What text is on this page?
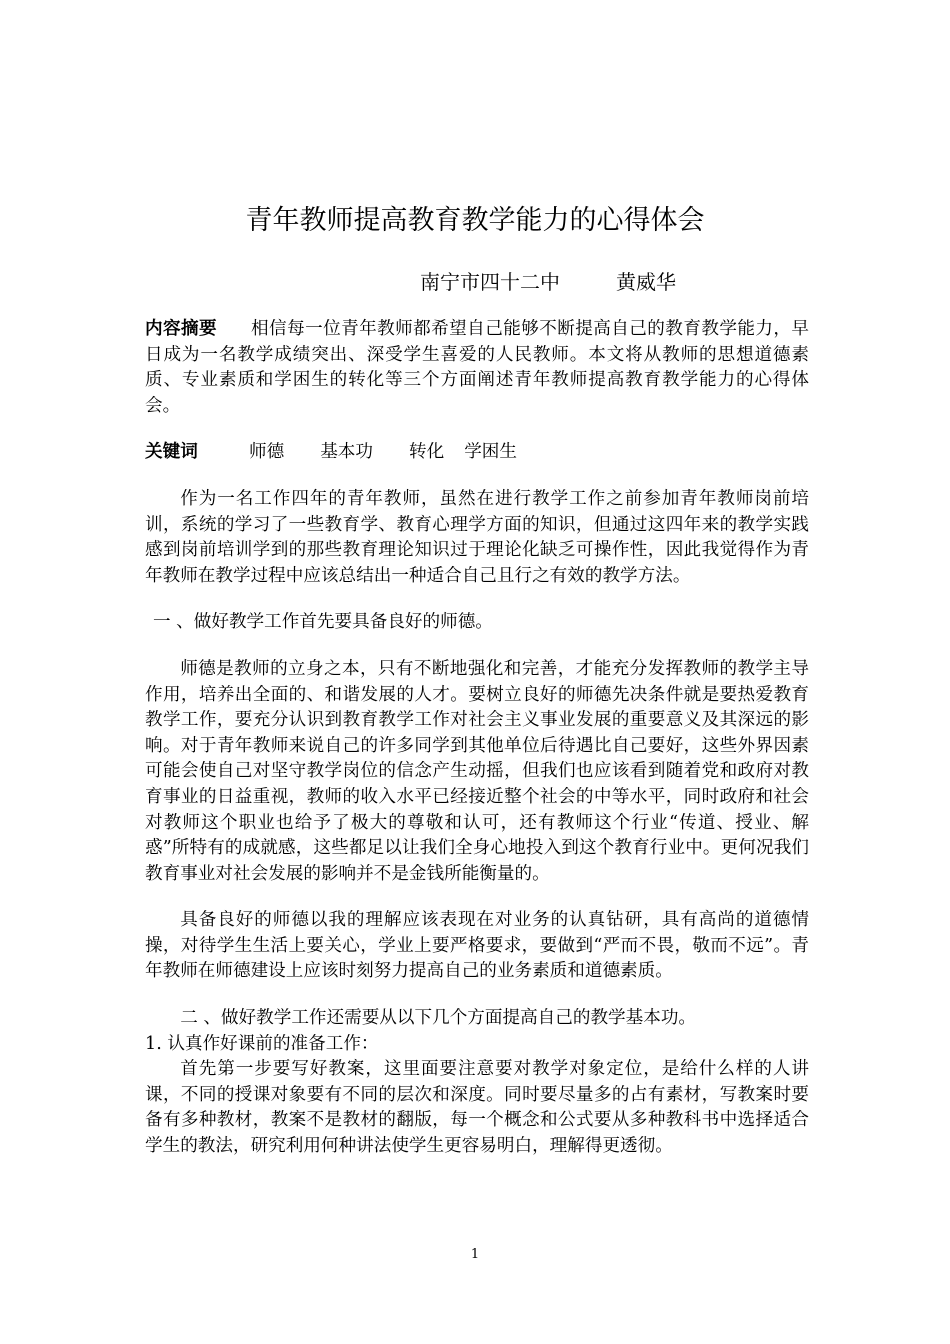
青年教师提高教育教学能力的心得体会
南宁市四十二中	黄威华

内容摘要 相信每一位青年教师都希望自己能够不断提高自己的教育教学能力，早日成为一名教学成绩突出、深受学生喜爱的人民教师。本文将从教师的思想道德素质、专业素质和学困生的转化等三个方面阐述青年教师提高教育教学能力的心得体会。

关键词	师德 基本功 转化 学困生

作为一名工作四年的青年教师，虽然在进行教学工作之前参加青年教师岗前培训，系统的学习了一些教育学、教育心理学方面的知识，但通过这四年来的教学实践感到岗前培训学到的那些教育理论知识过于理论化缺乏可操作性，因此我觉得作为青年教师在教学过程中应该总结出一种适合自己且行之有效的教学方法。

一 、做好教学工作首先要具备良好的师德。

师德是教师的立身之本，只有不断地强化和完善，才能充分发挥教师的教学主导作用，培养出全面的、和谐发展的人才。要树立良好的师德先决条件就是要热爱教育教学工作，要充分认识到教育教学工作对社会主义事业发展的重要意义及其深远的影响。对于青年教师来说自己的许多同学到其他单位后待遇比自己要好，这些外界因素可能会使自己对坚守教学岗位的信念产生动摇，但我们也应该看到随着党和政府对教育事业的日益重视，教师的收入水平已经接近整个社会的中等水平，同时政府和社会对教师这个职业也给予了极大的尊敬和认可，还有教师这个行业“传道、授业、解惑”所特有的成就感，这些都足以让我们全身心地投入到这个教育行业中。更何况我们教育事业对社会发展的影响并不是金钱所能衡量的。

具备良好的师德以我的理解应该表现在对业务的认真钻研，具有高尚的道德情操，对待学生生活上要关心，学业上要严格要求，要做到“严而不畏，敬而不远”。青年教师在师德建设上应该时刻努力提高自己的业务素质和道德素质。

二 、做好教学工作还需要从以下几个方面提高自己的教学基本功。

1. 认真作好课前的准备工作：

首先第一步要写好教案，这里面要注意要对教学对象定位，是给什么样的人讲课，不同的授课对象要有不同的层次和深度。同时要尽量多的占有素材，写教案时要备有多种教材，教案不是教材的翻版，每一个概念和公式要从多种教科书中选择适合学生的教法，研究利用何种讲法使学生更容易明白，理解得更透彻。

1
